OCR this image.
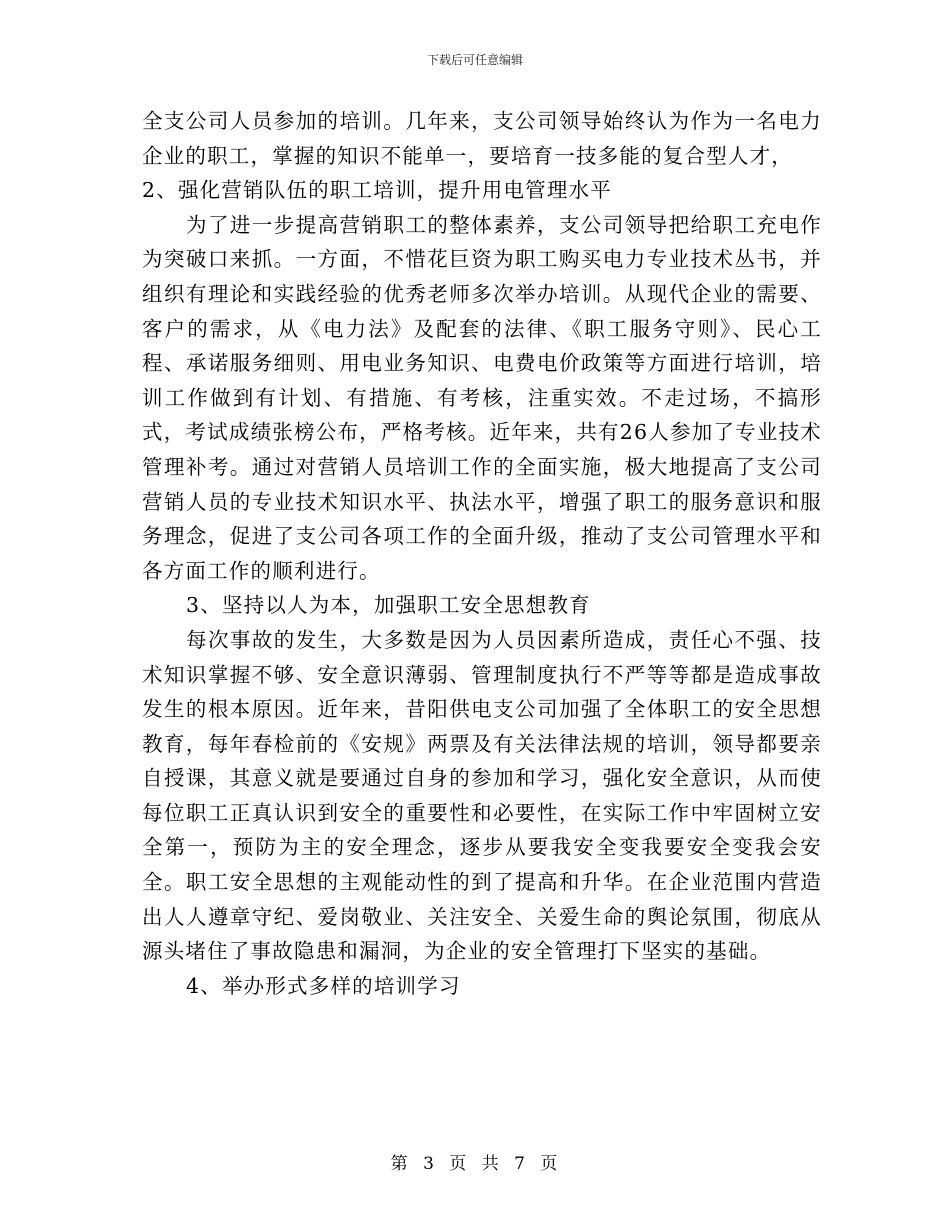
下载后可任意编辑

全支公司人员参加的培训。几年来，支公司领导始终认为作为一名电力企业的职工，掌握的知识不能单一，要培育一技多能的复合型人才，

2、强化营销队伍的职工培训，提升用电管理水平

为了进一步提高营销职工的整体素养，支公司领导把给职工充电作为突破口来抓。一方面，不惜花巨资为职工购买电力专业技术丛书，并组织有理论和实践经验的优秀老师多次举办培训。从现代企业的需要、客户的需求，从《电力法》及配套的法律、《职工服务守则》、民心工程、承诺服务细则、用电业务知识、电费电价政策等方面进行培训，培训工作做到有计划、有措施、有考核，注重实效。不走过场，不搞形式，考试成绩张榜公布，严格考核。近年来，共有26人参加了专业技术管理补考。通过对营销人员培训工作的全面实施，极大地提高了支公司营销人员的专业技术知识水平、执法水平，增强了职工的服务意识和服务理念，促进了支公司各项工作的全面升级，推动了支公司管理水平和各方面工作的顺利进行。

3、坚持以人为本，加强职工安全思想教育

每次事故的发生，大多数是因为人员因素所造成，责任心不强、技术知识掌握不够、安全意识薄弱、管理制度执行不严等等都是造成事故发生的根本原因。近年来，昔阳供电支公司加强了全体职工的安全思想教育，每年春检前的《安规》两票及有关法律法规的培训，领导都要亲自授课，其意义就是要通过自身的参加和学习，强化安全意识，从而使每位职工正真认识到安全的重要性和必要性，在实际工作中牢固树立安全第一，预防为主的安全理念，逐步从要我安全变我要安全变我会安全。职工安全思想的主观能动性的到了提高和升华。在企业范围内营造出人人遵章守纪、爱岗敬业、关注安全、关爱生命的舆论氛围，彻底从源头堵住了事故隐患和漏洞，为企业的安全管理打下坚实的基础。

4、举办形式多样的培训学习

第 3 页 共 7 页
